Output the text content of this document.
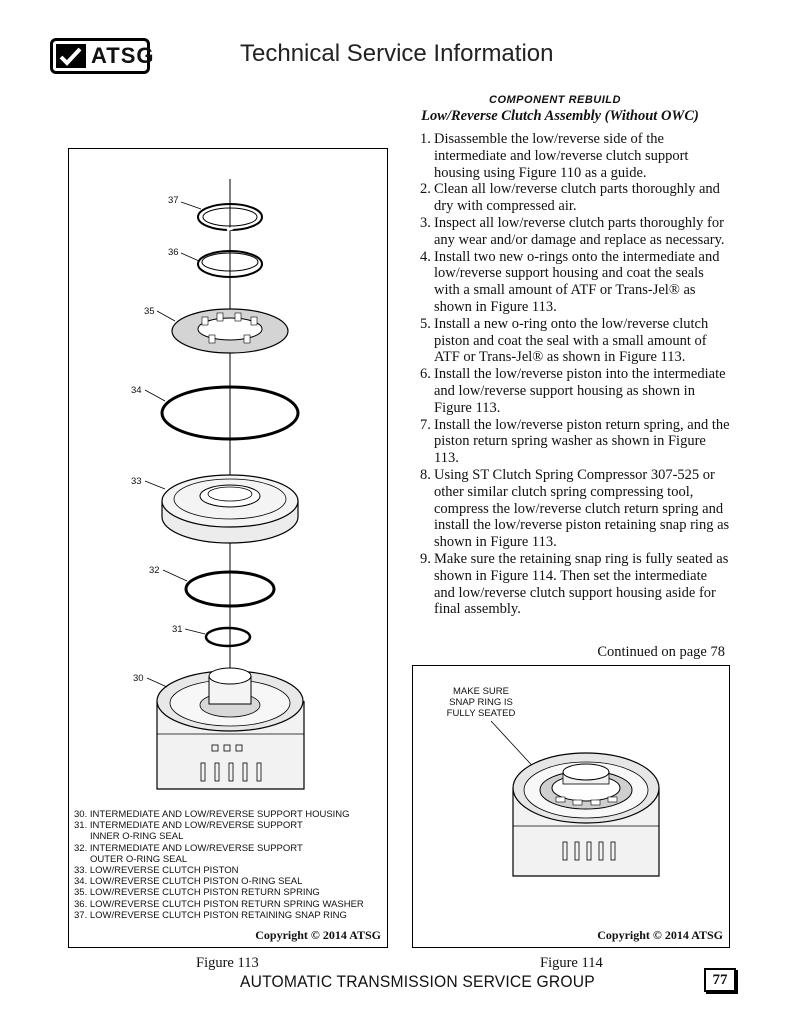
ATSG	Technical Service Information
COMPONENT REBUILD
Low/Reverse Clutch Assembly (Without OWC)
1. Disassemble the low/reverse side of the intermediate and low/reverse clutch support housing using Figure 110 as a guide.
2. Clean all low/reverse clutch parts thoroughly and dry with compressed air.
3. Inspect all low/reverse clutch parts thoroughly for any wear and/or damage and replace as necessary.
4. Install two new o-rings onto the intermediate and low/reverse support housing and coat the seals with a small amount of ATF or Trans-Jel® as shown in Figure 113.
5. Install a new o-ring onto the low/reverse clutch piston and coat the seal with a small amount of ATF or Trans-Jel® as shown in Figure 113.
6. Install the low/reverse piston into the intermediate and low/reverse support housing as shown in Figure 113.
7. Install the low/reverse piston return spring, and the piston return spring washer as shown in Figure 113.
8. Using ST Clutch Spring Compressor 307-525 or other similar clutch spring compressing tool, compress the low/reverse clutch return spring and install the low/reverse piston retaining snap ring as shown in Figure 113.
9. Make sure the retaining snap ring is fully seated as shown in Figure 114. Then set the intermediate and low/reverse clutch support housing aside for final assembly.
Continued on page 78
37
36
35
34
33
32
31
30
30. INTERMEDIATE AND LOW/REVERSE SUPPORT HOUSING
31. INTERMEDIATE AND LOW/REVERSE SUPPORT
INNER O-RING SEAL
32. INTERMEDIATE AND LOW/REVERSE SUPPORT
OUTER O-RING SEAL
33. LOW/REVERSE CLUTCH PISTON
34. LOW/REVERSE CLUTCH PISTON O-RING SEAL
35. LOW/REVERSE CLUTCH PISTON RETURN SPRING
36. LOW/REVERSE CLUTCH PISTON RETURN SPRING WASHER
37. LOW/REVERSE CLUTCH PISTON RETAINING SNAP RING
Copyright © 2014 ATSG
MAKE SURE
SNAP RING IS
FULLY SEATED
Copyright © 2014 ATSG
Figure 113	Figure 114
AUTOMATIC TRANSMISSION SERVICE GROUP	77
